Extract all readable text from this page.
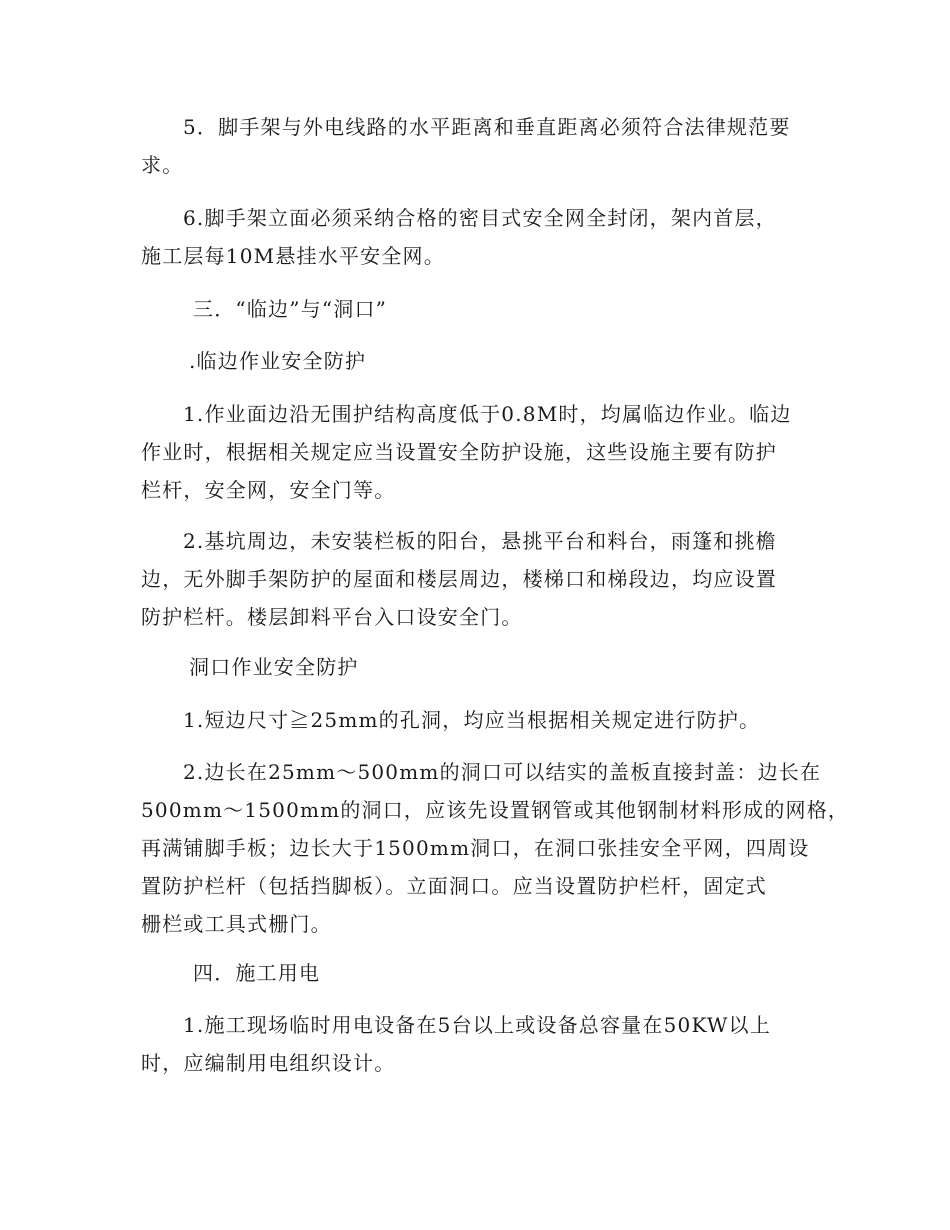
5．脚手架与外电线路的水平距离和垂直距离必须符合法律规范要
求。
6.脚手架立面必须采纳合格的密目式安全网全封闭，架内首层，
施工层每10M悬挂水平安全网。
三．“临边”与“洞口”
.临边作业安全防护
1.作业面边沿无围护结构高度低于0.8M时，均属临边作业。临边
作业时，根据相关规定应当设置安全防护设施，这些设施主要有防护
栏杆，安全网，安全门等。
2.基坑周边，未安装栏板的阳台，悬挑平台和料台，雨篷和挑檐
边，无外脚手架防护的屋面和楼层周边，楼梯口和梯段边，均应设置
防护栏杆。楼层卸料平台入口设安全门。
洞口作业安全防护
1.短边尺寸≧25mm的孔洞，均应当根据相关规定进行防护。
2.边长在25mm～500mm的洞口可以结实的盖板直接封盖：边长在
500mm～1500mm的洞口，应该先设置钢管或其他钢制材料形成的网格，
再满铺脚手板；边长大于1500mm洞口，在洞口张挂安全平网，四周设
置防护栏杆（包括挡脚板）。立面洞口。应当设置防护栏杆，固定式
栅栏或工具式栅门。
四．施工用电
1.施工现场临时用电设备在5台以上或设备总容量在50KW以上
时，应编制用电组织设计。
